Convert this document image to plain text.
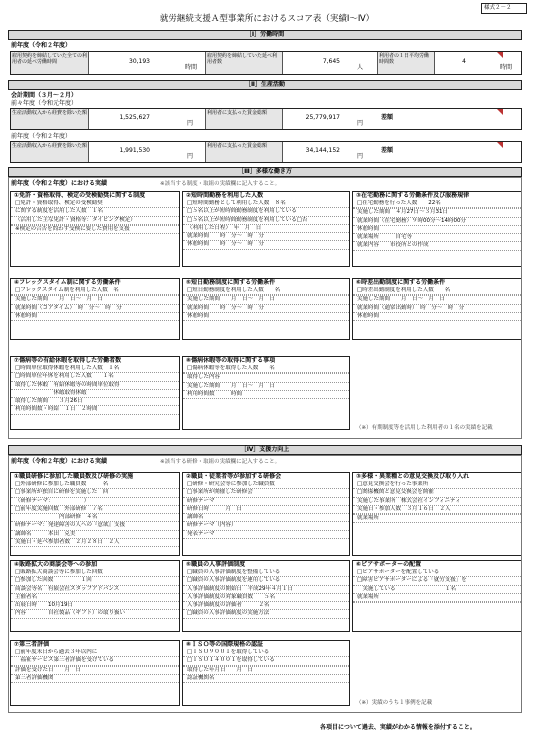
様式２－２
就労継続支援Ａ型事業所におけるスコア表（実績Ⅰ～Ⅳ）
［Ⅰ］労働時間
前年度（令和２年度）
雇用契約を締結していた全ての利用者の延べ労働時間	30,193
時間
雇用契約を締結していた延べ利用者数	7,645
人
利用者の１日平均労働時間数	4
時間
［Ⅱ］生産活動
会計期間（３月～２月）
前々年度（令和元年度）
生産活動収入から経費を除いた額
1,525,627
円
利用者に支払った賃金総額
25,779,917
円
差額
前年度（令和２年度）
生産活動収入から経費を除いた額
1,991,530
円
利用者に支払った賃金総額
34,144,152
円
差額
［Ⅲ］多様な働き方
前年度（令和２年度）における実績	※該当する制度・取組の実績欄に記入すること。
①免許・資格取得、検定の受検勧奨に関する制度
□免許・資格取得、検定の受検勧奨
に関する制度を活用した人数　１名
（活用した主な免許・資格等：タイピング検定）
※検定の合否を問わず受検に要した費用を支援
②短時間勤務を利用した人数
□短時間勤務として利用した人数　８名
□５名以上が短時間勤務制度を利用している
□５名以上が短時間勤務制度を利用している□否
（利用した日程）　年　月　日
就業時間　　時　分～　時　分
休憩時間　　時　分～　時　分
③在宅勤務に関する労働条件及び服務規律
□在宅勤務を行った人数　　22名
実施した期間　４月27日～３月31日
就業時間（在宅勤務）９時00分～14時00分
休憩時間
就業場所　　　自宅等
就業内容　　市役所との作成
④フレックスタイム制に関する労働条件
□フレックスタイム制を利用した人数　名
実施した期間　　月　日～　月　日
就業時間（コアタイム）　時　分～　時　分
休憩時間
⑤短日勤務制度に関する労働条件
□短日勤務制度を利用した人数　　名
実施した期間　　月　日～　月　日
就業時間　　時　分～　時　分
休憩時間
⑥時差出勤制度に関する労働条件
□時差出勤制度を利用した人数　　名
実施した期間　　月　日～　月　日
就業時間（通常出勤時）　時　分～　時　分
休憩時間
⑦傷病等の有給休暇を取得した労働者数
□時間単位取得休暇を利用した人数　１名
□時間単位年休を利用した人数　　１名
取得した休暇　有給休暇等の時間単位取得
　　　　　　　休暇取得休暇
取得した期間　　３月26日
利用時間数・時給　１日　２時間
⑧傷病休暇等の取得に関する事項
□傷病休暇等を取得した人数　　名
取得した内容
実施した期間　　月　日～　月　日
利用時間数　　　時間
（※）有期制度等を活用した利用者の１名の実績を記載
［Ⅳ］支援力向上
前年度（令和２年度）における実績	※該当する研修・取組の実績欄に記入すること。
①職員研修に参加した職員数及び研修の実施
□外部研修に参加した職員数　　　名
□事業所が独自に研修を実施した　回
（研修テーマ：　　　　　　）
□前年度実施回数　外部研修　７名
　　　　　　　　内部研修　４名
研修テーマ：発達障害の人への『意欲』支援
講師名　　　本田　克美
実施日・延べ参加者数　２月２８日　２人
②職員・従業者等が参加する研修会
□研修・研究会等に参加した職員数
□事業所が開催した研修会
研修テーマ
研修日時　　　月　日
講師名
研修テーマ（内容）
発表テーマ
③多様・異業種との意見交換及び取り入れ
□意見交換会を行った事業所
□関係機関と意見交換会を開催
実施した事業所　株式会社インフィニティ
実施日・参加人数　３月１６日　２人
就業場所
④販路拡大の商談会等への参加
□販路拡大商談会等に参加した回数
□参加した回数　　　　　１回
商談会等名　有限会社スタッフアドバンス
主催者名
出展日時　　10月19日
内容　　　　自社製品（ギフト）の取り扱い
⑤職員の人事評価制度
□職員の人事評価制度を整備している
□職員の人事評価制度を運用している
人事評価制度の開始日　平成29年４月１日
人事評価制度の対象職員数　　５名
人事評価制度の評価者　　　２名
□職員の人事評価制度の実施方法
⑥ピアサポーターの配置
□ピアサポーターを配置している
□障害ピアサポーターによる「就労支援」を
　実施している　　　　　　　　　１名
就業場所
⑦第三者評価
□前年度末日から過去３年以内に
　福祉サービス第三者評価を受けている
評価を受けた日　　月　日
第三者評価機関
⑧ＩＳＯ等の国際規格の認証
□ＩＳＯ９００１を取得している
□ＩＳＯ１４００１を取得している
取得した年月日　　月　日
認証機関名
（※）実績のうち１事例を記載
各項目について過去、実績がわかる情報を添付すること。
